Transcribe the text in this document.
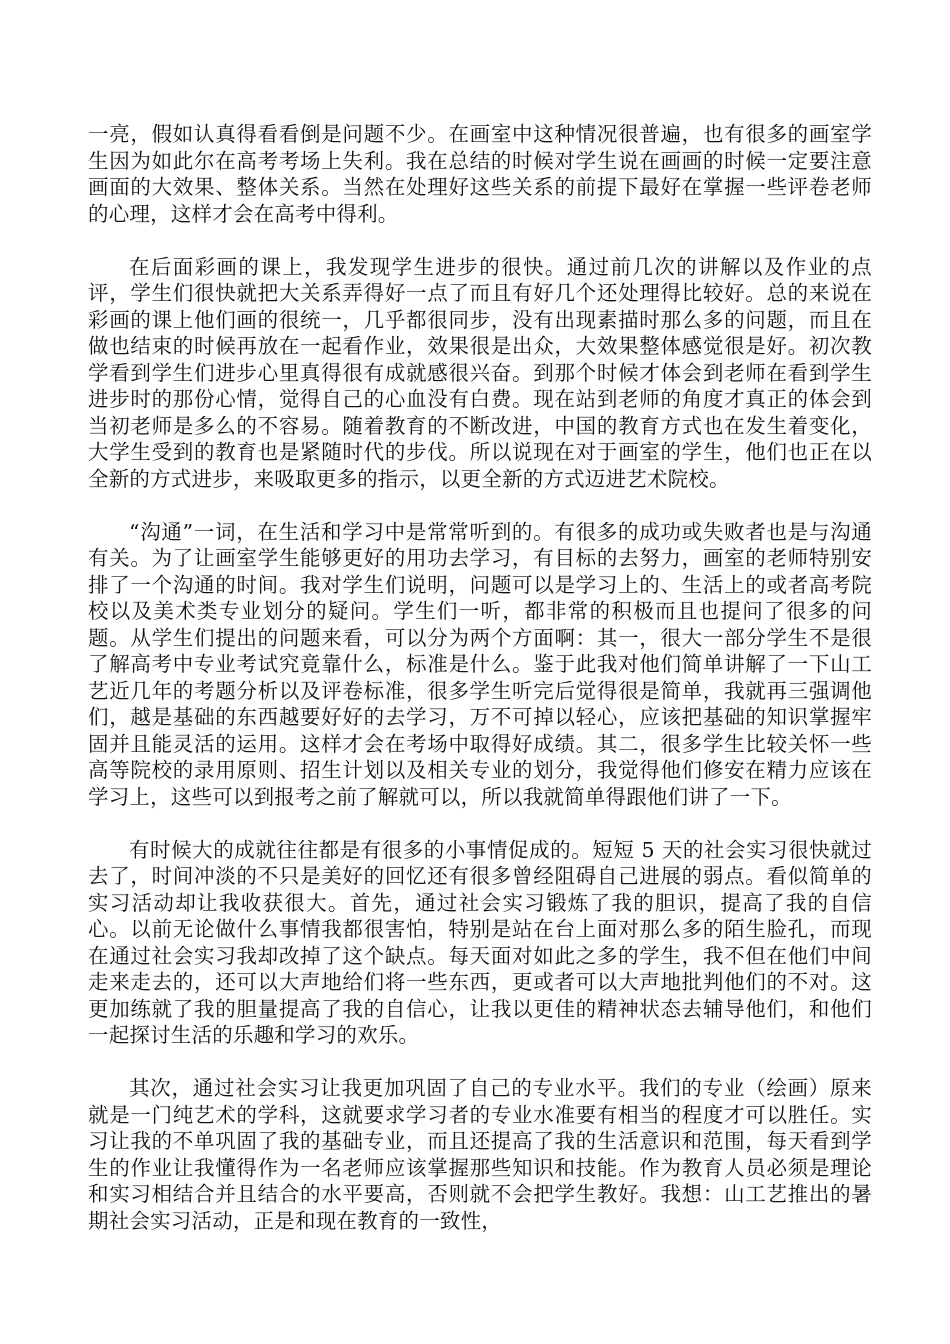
一亮，假如认真得看看倒是问题不少。在画室中这种情况很普遍，也有很多的画室学生因为如此尔在高考考场上失利。我在总结的时候对学生说在画画的时候一定要注意画面的大效果、整体关系。当然在处理好这些关系的前提下最好在掌握一些评卷老师的心理，这样才会在高考中得利。

在后面彩画的课上，我发现学生进步的很快。通过前几次的讲解以及作业的点评，学生们很快就把大关系弄得好一点了而且有好几个还处理得比较好。总的来说在彩画的课上他们画的很统一，几乎都很同步，没有出现素描时那么多的问题，而且在做也结束的时候再放在一起看作业，效果很是出众，大效果整体感觉很是好。初次教学看到学生们进步心里真得很有成就感很兴奋。到那个时候才体会到老师在看到学生进步时的那份心情，觉得自己的心血没有白费。现在站到老师的角度才真正的体会到当初老师是多么的不容易。随着教育的不断改进，中国的教育方式也在发生着变化，大学生受到的教育也是紧随时代的步伐。所以说现在对于画室的学生，他们也正在以全新的方式进步，来吸取更多的指示，以更全新的方式迈进艺术院校。

“沟通”一词，在生活和学习中是常常听到的。有很多的成功或失败者也是与沟通有关。为了让画室学生能够更好的用功去学习，有目标的去努力，画室的老师特别安排了一个沟通的时间。我对学生们说明，问题可以是学习上的、生活上的或者高考院校以及美术类专业划分的疑问。学生们一听，都非常的积极而且也提问了很多的问题。从学生们提出的问题来看，可以分为两个方面啊：其一，很大一部分学生不是很了解高考中专业考试究竟靠什么，标准是什么。鉴于此我对他们简单讲解了一下山工艺近几年的考题分析以及评卷标准，很多学生听完后觉得很是简单，我就再三强调他们，越是基础的东西越要好好的去学习，万不可掉以轻心，应该把基础的知识掌握牢固并且能灵活的运用。这样才会在考场中取得好成绩。其二，很多学生比较关怀一些高等院校的录用原则、招生计划以及相关专业的划分，我觉得他们修安在精力应该在学习上，这些可以到报考之前了解就可以，所以我就简单得跟他们讲了一下。

有时候大的成就往往都是有很多的小事情促成的。短短 5 天的社会实习很快就过去了，时间冲淡的不只是美好的回忆还有很多曾经阻碍自己进展的弱点。看似简单的实习活动却让我收获很大。首先，通过社会实习锻炼了我的胆识，提高了我的自信心。以前无论做什么事情我都很害怕，特别是站在台上面对那么多的陌生脸孔，而现在通过社会实习我却改掉了这个缺点。每天面对如此之多的学生，我不但在他们中间走来走去的，还可以大声地给们将一些东西，更或者可以大声地批判他们的不对。这更加练就了我的胆量提高了我的自信心，让我以更佳的精神状态去辅导他们，和他们一起探讨生活的乐趣和学习的欢乐。

其次，通过社会实习让我更加巩固了自己的专业水平。我们的专业（绘画）原来就是一门纯艺术的学科，这就要求学习者的专业水准要有相当的程度才可以胜任。实习让我的不单巩固了我的基础专业，而且还提高了我的生活意识和范围，每天看到学生的作业让我懂得作为一名老师应该掌握那些知识和技能。作为教育人员必须是理论和实习相结合并且结合的水平要高，否则就不会把学生教好。我想：山工艺推出的暑期社会实习活动，正是和现在教育的一致性，
